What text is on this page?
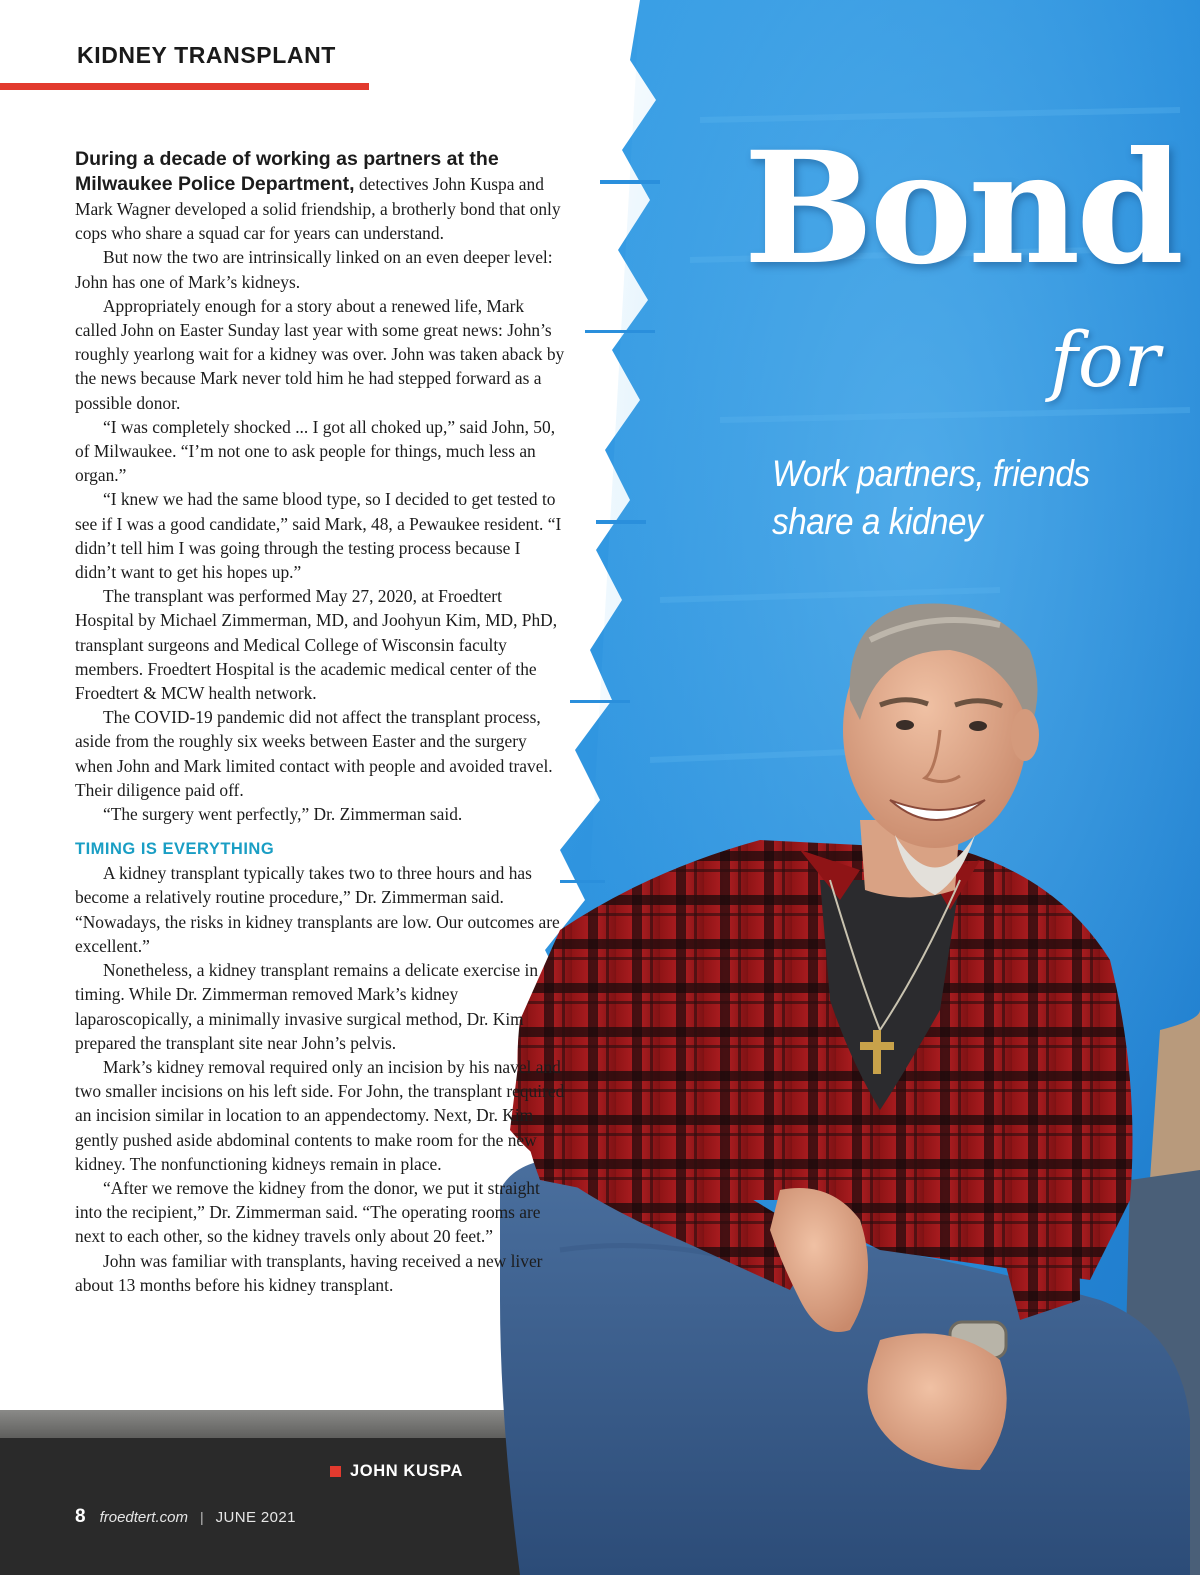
KIDNEY TRANSPLANT
Bond
for
Work partners, friends
share a kidney

During a decade of working as partners at the Milwaukee Police Department, detectives John Kuspa and Mark Wagner developed a solid friendship, a brotherly bond that only cops who share a squad car for years can understand.

But now the two are intrinsically linked on an even deeper level: John has one of Mark’s kidneys.

Appropriately enough for a story about a renewed life, Mark called John on Easter Sunday last year with some great news: John’s roughly yearlong wait for a kidney was over. John was taken aback by the news because Mark never told him he had stepped forward as a possible donor.

“I was completely shocked ... I got all choked up,” said John, 50, of Milwaukee. “I’m not one to ask people for things, much less an organ.”

“I knew we had the same blood type, so I decided to get tested to see if I was a good candidate,” said Mark, 48, a Pewaukee resident. “I didn’t tell him I was going through the testing process because I didn’t want to get his hopes up.”

The transplant was performed May 27, 2020, at Froedtert Hospital by Michael Zimmerman, MD, and Joohyun Kim, MD, PhD, transplant surgeons and Medical College of Wisconsin faculty members. Froedtert Hospital is the academic medical center of the Froedtert & MCW health network.

The COVID-19 pandemic did not affect the transplant process, aside from the roughly six weeks between Easter and the surgery when John and Mark limited contact with people and avoided travel. Their diligence paid off.

“The surgery went perfectly,” Dr. Zimmerman said.

TIMING IS EVERYTHING

A kidney transplant typically takes two to three hours and has become a relatively routine procedure,” Dr. Zimmerman said. “Nowadays, the risks in kidney transplants are low. Our outcomes are excellent.”

Nonetheless, a kidney transplant remains a delicate exercise in timing. While Dr. Zimmerman removed Mark’s kidney laparoscopically, a minimally invasive surgical method, Dr. Kim prepared the transplant site near John’s pelvis.

Mark’s kidney removal required only an incision by his navel and two smaller incisions on his left side. For John, the transplant required an incision similar in location to an appendectomy. Next, Dr. Kim gently pushed aside abdominal contents to make room for the new kidney. The nonfunctioning kidneys remain in place.

“After we remove the kidney from the donor, we put it straight into the recipient,” Dr. Zimmerman said. “The operating rooms are next to each other, so the kidney travels only about 20 feet.”

John was familiar with transplants, having received a new liver about 13 months before his kidney transplant.

JOHN KUSPA
8 froedtert.com | JUNE 2021
